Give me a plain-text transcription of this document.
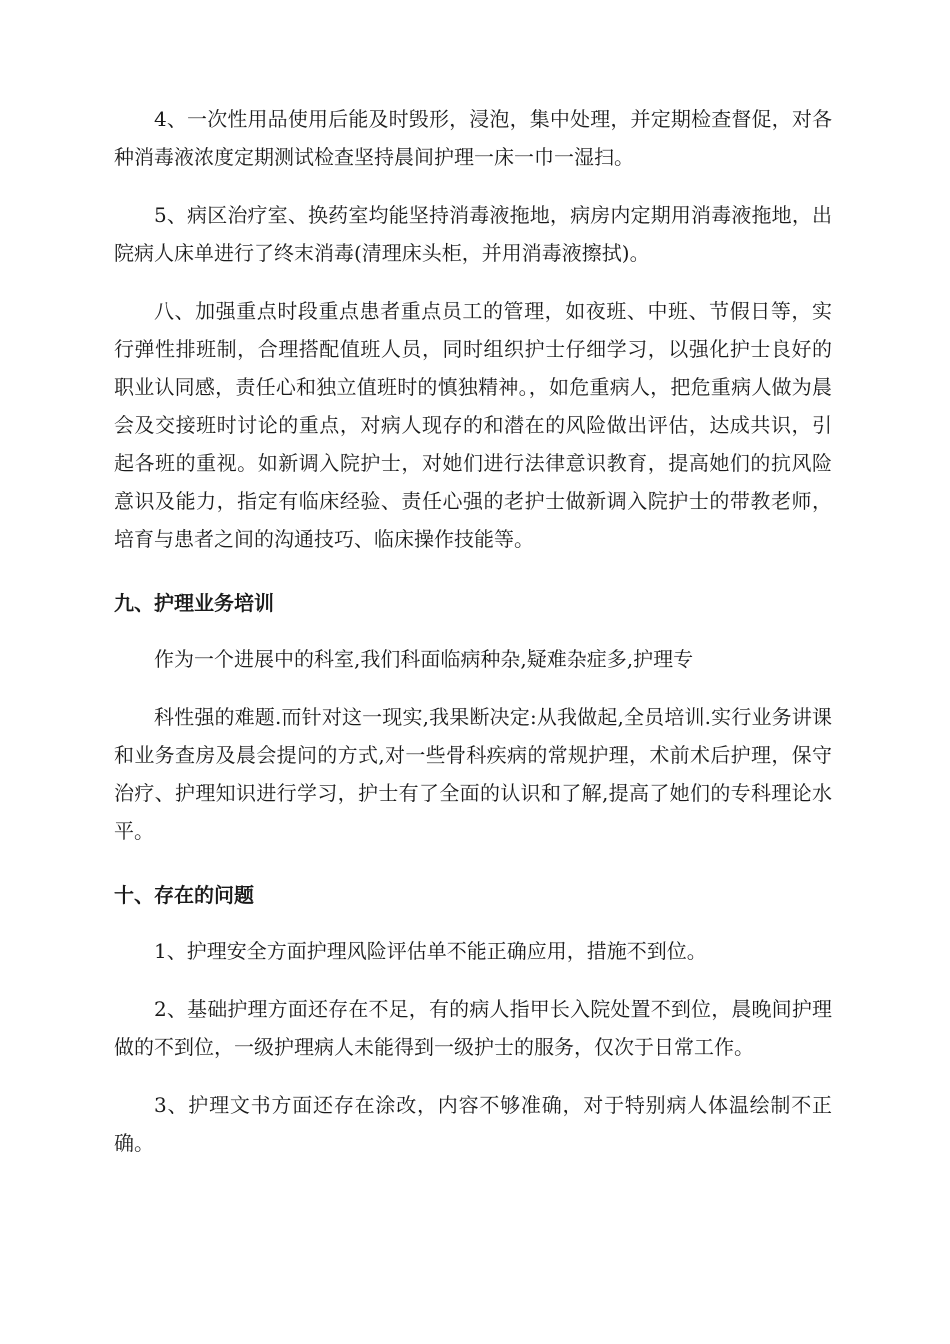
4、一次性用品使用后能及时毁形，浸泡，集中处理，并定期检查督促，对各种消毒液浓度定期测试检查坚持晨间护理一床一巾一湿扫。

5、病区治疗室、换药室均能坚持消毒液拖地，病房内定期用消毒液拖地，出院病人床单进行了终末消毒(清理床头柜，并用消毒液擦拭)。

八、加强重点时段重点患者重点员工的管理，如夜班、中班、节假日等，实行弹性排班制，合理搭配值班人员，同时组织护士仔细学习，以强化护士良好的职业认同感，责任心和独立值班时的慎独精神。，如危重病人，把危重病人做为晨会及交接班时讨论的重点，对病人现存的和潜在的风险做出评估，达成共识，引起各班的重视。如新调入院护士，对她们进行法律意识教育，提高她们的抗风险意识及能力，指定有临床经验、责任心强的老护士做新调入院护士的带教老师，培育与患者之间的沟通技巧、临床操作技能等。

九、护理业务培训

作为一个进展中的科室,我们科面临病种杂,疑难杂症多,护理专

科性强的难题.而针对这一现实,我果断决定:从我做起,全员培训.实行业务讲课和业务查房及晨会提问的方式,对一些骨科疾病的常规护理，术前术后护理，保守治疗、护理知识进行学习，护士有了全面的认识和了解,提高了她们的专科理论水平。

十、存在的问题

1、护理安全方面护理风险评估单不能正确应用，措施不到位。

2、基础护理方面还存在不足，有的病人指甲长入院处置不到位，晨晚间护理做的不到位，一级护理病人未能得到一级护士的服务，仅次于日常工作。

3、护理文书方面还存在涂改，内容不够准确，对于特别病人体温绘制不正确。
